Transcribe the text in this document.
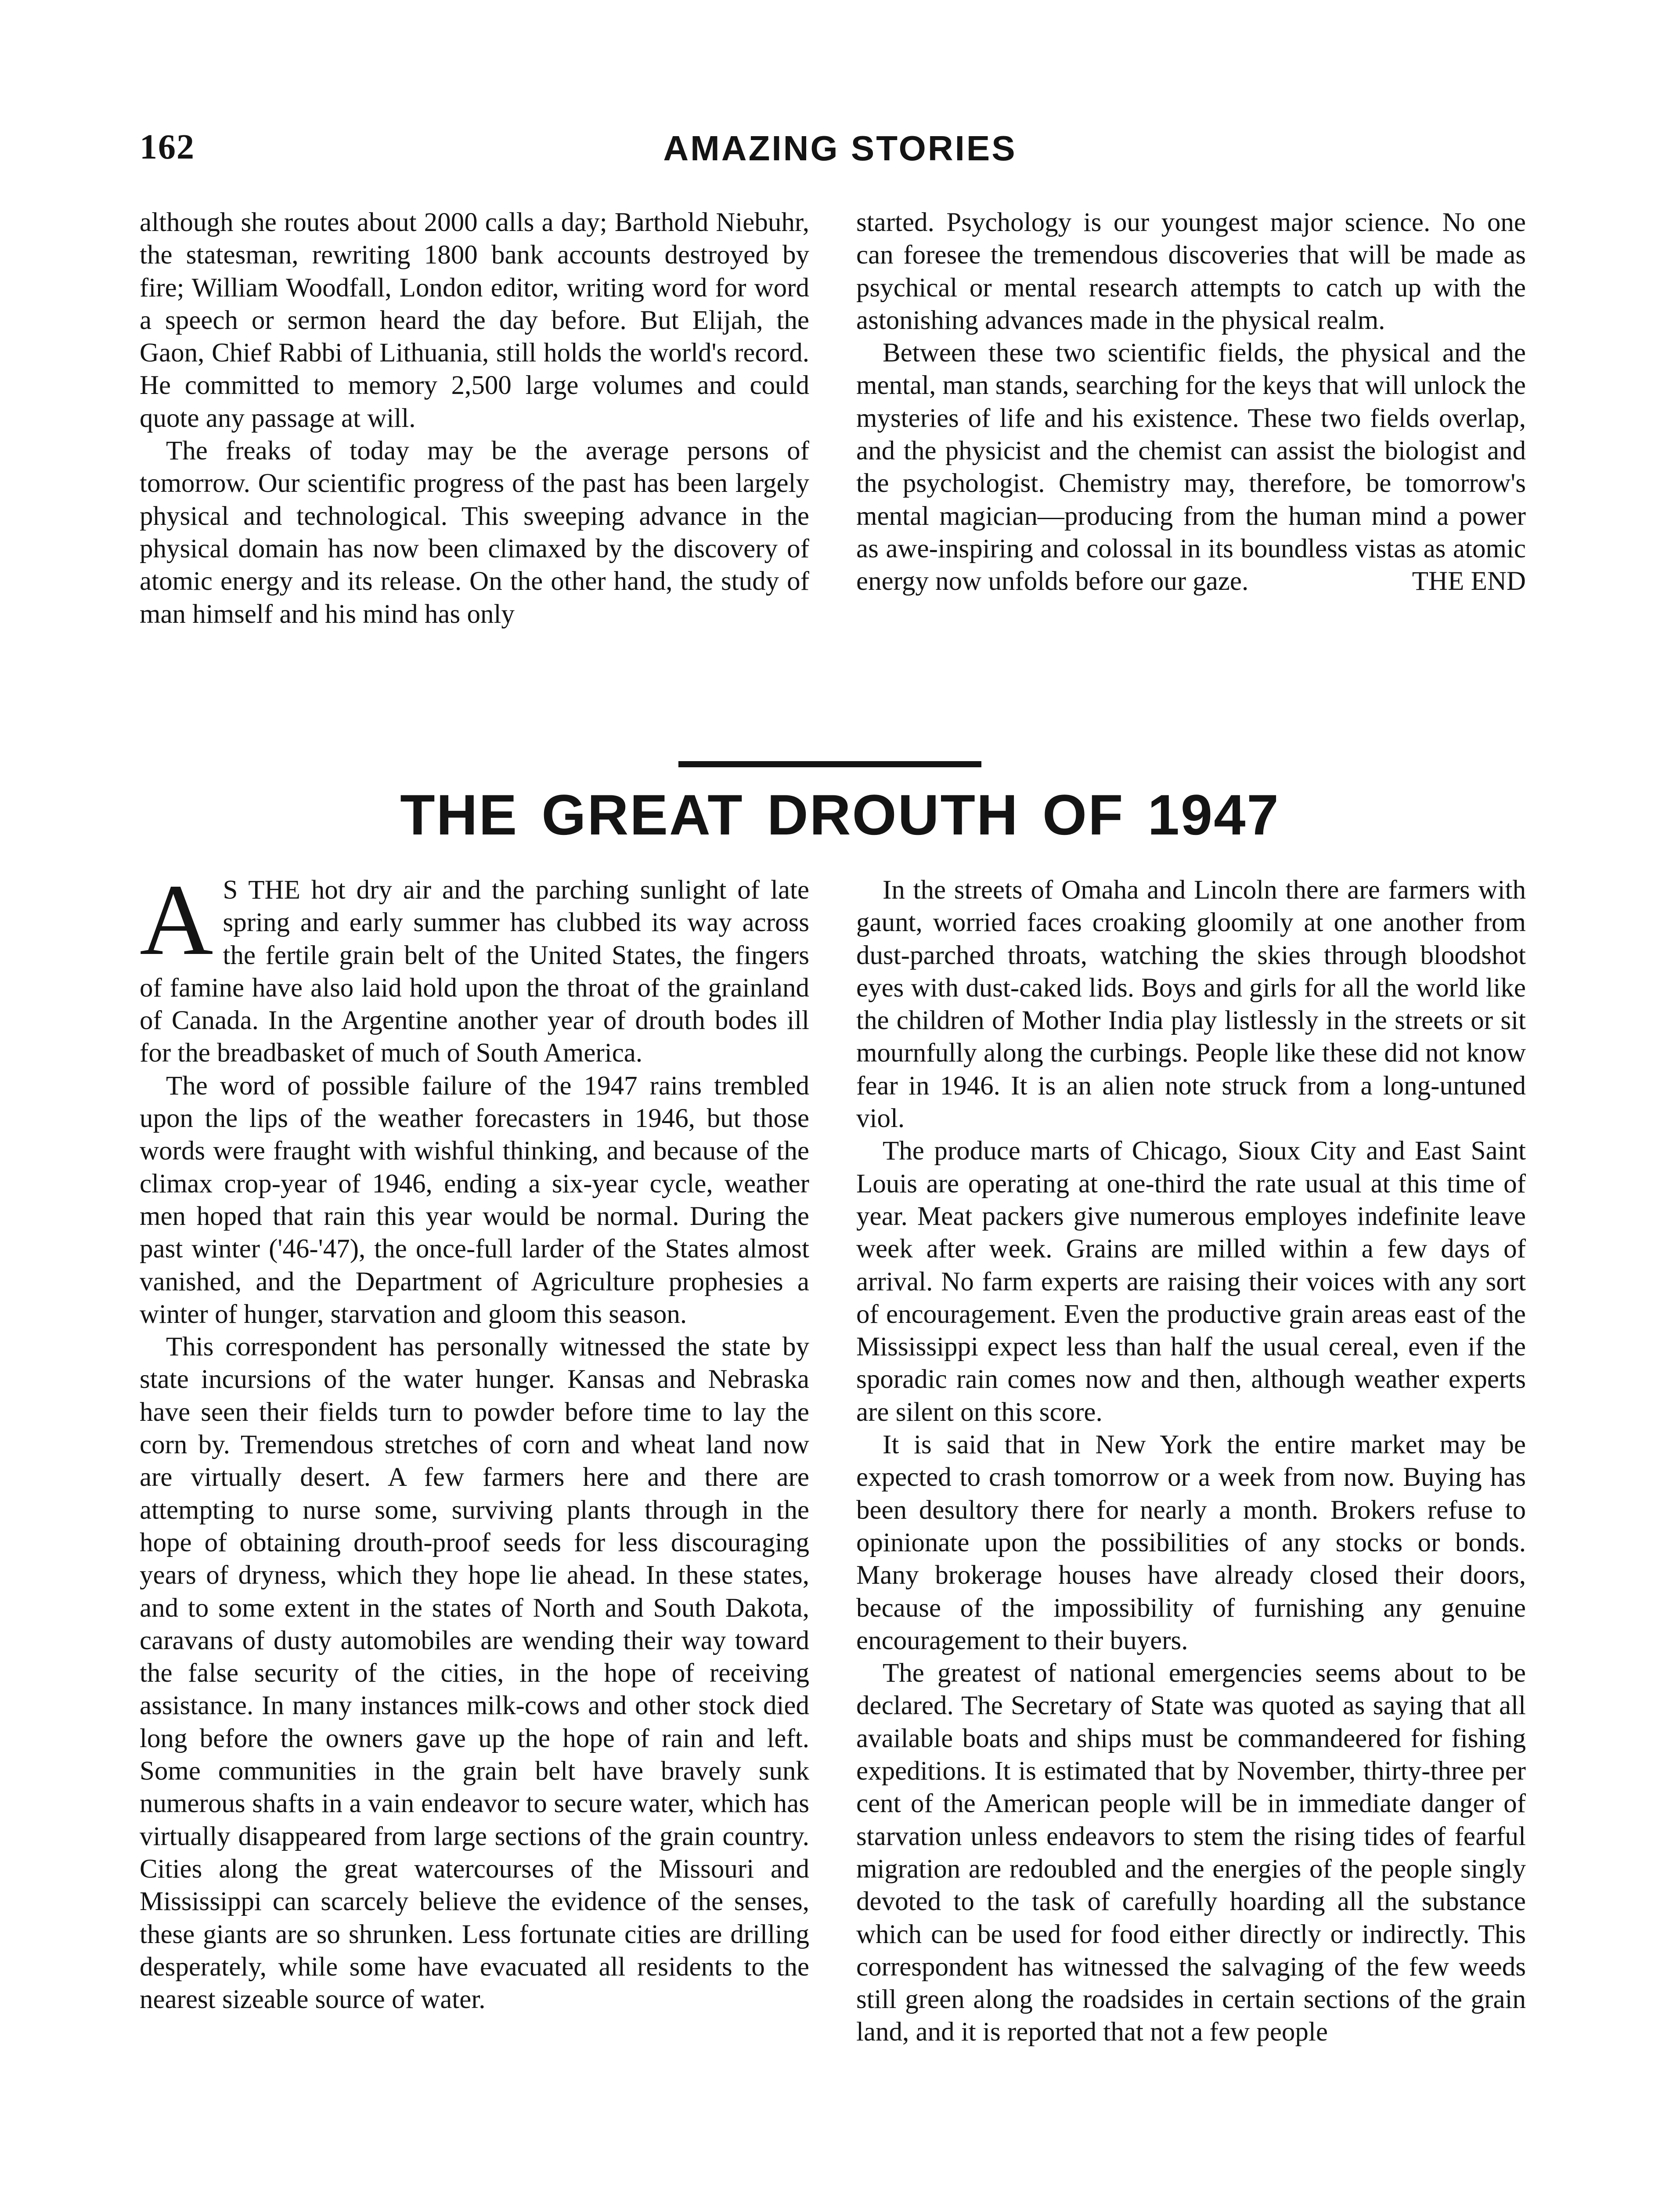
162	AMAZING STORIES

although she routes about 2000 calls a day; Barthold Niebuhr, the statesman, rewriting 1800 bank accounts destroyed by fire; William Woodfall, London editor, writing word for word a speech or sermon heard the day before. But Elijah, the Gaon, Chief Rabbi of Lithuania, still holds the world's record. He committed to memory 2,500 large volumes and could quote any passage at will.

The freaks of today may be the average persons of tomorrow. Our scientific progress of the past has been largely physical and technological. This sweeping advance in the physical domain has now been climaxed by the discovery of atomic energy and its release. On the other hand, the study of man himself and his mind has only

started. Psychology is our youngest major science. No one can foresee the tremendous discoveries that will be made as psychical or mental research attempts to catch up with the astonishing advances made in the physical realm.

Between these two scientific fields, the physical and the mental, man stands, searching for the keys that will unlock the mysteries of life and his existence. These two fields overlap, and the physicist and the chemist can assist the biologist and the psychologist. Chemistry may, therefore, be tomorrow's mental magician—producing from the human mind a power as awe-inspiring and colossal in its boundless vistas as atomic energy now unfolds before our gaze.	THE END

THE GREAT DROUTH OF 1947

A S THE hot dry air and the parching sunlight of late spring and early summer has clubbed its way across the fertile grain belt of the United States, the fingers of famine have also laid hold upon the throat of the grainland of Canada. In the Argentine another year of drouth bodes ill for the breadbasket of much of South America.

The word of possible failure of the 1947 rains trembled upon the lips of the weather forecasters in 1946, but those words were fraught with wishful thinking, and because of the climax crop-year of 1946, ending a six-year cycle, weather men hoped that rain this year would be normal. During the past winter ('46-'47), the once-full larder of the States almost vanished, and the Department of Agriculture prophesies a winter of hunger, starvation and gloom this season.

This correspondent has personally witnessed the state by state incursions of the water hunger. Kansas and Nebraska have seen their fields turn to powder before time to lay the corn by. Tremendous stretches of corn and wheat land now are virtually desert. A few farmers here and there are attempting to nurse some, surviving plants through in the hope of obtaining drouth-proof seeds for less discouraging years of dryness, which they hope lie ahead. In these states, and to some extent in the states of North and South Dakota, caravans of dusty automobiles are wending their way toward the false security of the cities, in the hope of receiving assistance. In many instances milk-cows and other stock died long before the owners gave up the hope of rain and left. Some communities in the grain belt have bravely sunk numerous shafts in a vain endeavor to secure water, which has virtually disappeared from large sections of the grain country. Cities along the great watercourses of the Missouri and Mississippi can scarcely believe the evidence of the senses, these giants are so shrunken. Less fortunate cities are drilling desperately, while some have evacuated all residents to the nearest sizeable source of water.

In the streets of Omaha and Lincoln there are farmers with gaunt, worried faces croaking gloomily at one another from dust-parched throats, watching the skies through bloodshot eyes with dust-caked lids. Boys and girls for all the world like the children of Mother India play listlessly in the streets or sit mournfully along the curbings. People like these did not know fear in 1946. It is an alien note struck from a long-untuned viol.

The produce marts of Chicago, Sioux City and East Saint Louis are operating at one-third the rate usual at this time of year. Meat packers give numerous employes indefinite leave week after week. Grains are milled within a few days of arrival. No farm experts are raising their voices with any sort of encouragement. Even the productive grain areas east of the Mississippi expect less than half the usual cereal, even if the sporadic rain comes now and then, although weather experts are silent on this score.

It is said that in New York the entire market may be expected to crash tomorrow or a week from now. Buying has been desultory there for nearly a month. Brokers refuse to opinionate upon the possibilities of any stocks or bonds. Many brokerage houses have already closed their doors, because of the impossibility of furnishing any genuine encouragement to their buyers.

The greatest of national emergencies seems about to be declared. The Secretary of State was quoted as saying that all available boats and ships must be commandeered for fishing expeditions. It is estimated that by November, thirty-three per cent of the American people will be in immediate danger of starvation unless endeavors to stem the rising tides of fearful migration are redoubled and the energies of the people singly devoted to the task of carefully hoarding all the substance which can be used for food either directly or indirectly. This correspondent has witnessed the salvaging of the few weeds still green along the roadsides in certain sections of the grain land, and it is reported that not a few people
